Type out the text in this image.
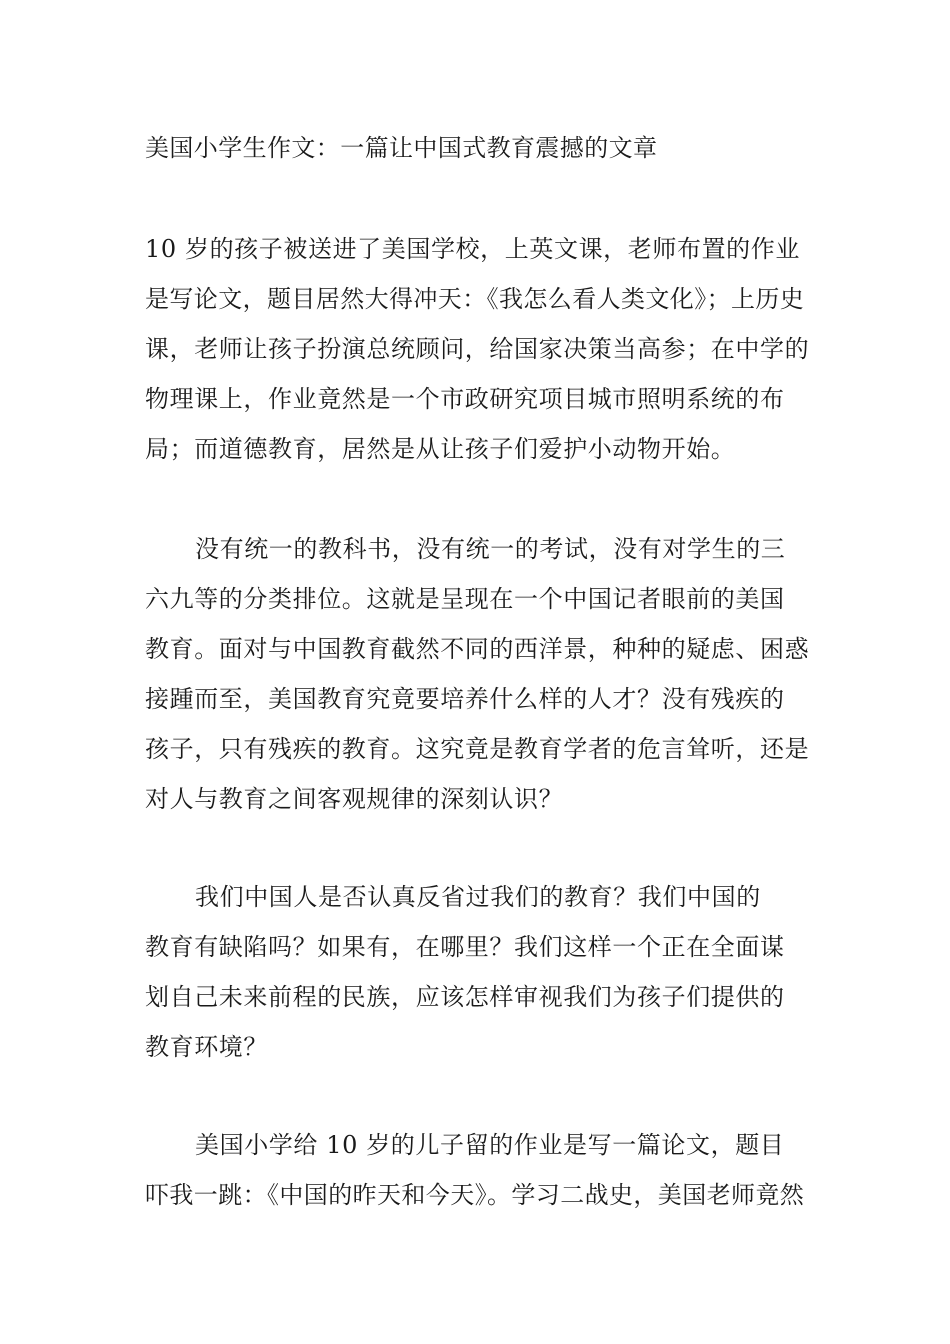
美国小学生作文：一篇让中国式教育震撼的文章
10 岁的孩子被送进了美国学校，上英文课，老师布置的作业
是写论文，题目居然大得冲天：《我怎么看人类文化》；上历史
课，老师让孩子扮演总统顾问，给国家决策当高参；在中学的
物理课上，作业竟然是一个市政研究项目城市照明系统的布
局；而道德教育，居然是从让孩子们爱护小动物开始。
没有统一的教科书，没有统一的考试，没有对学生的三
六九等的分类排位。这就是呈现在一个中国记者眼前的美国
教育。面对与中国教育截然不同的西洋景，种种的疑虑、困惑
接踵而至，美国教育究竟要培养什么样的人才？没有残疾的
孩子，只有残疾的教育。这究竟是教育学者的危言耸听，还是
对人与教育之间客观规律的深刻认识？
我们中国人是否认真反省过我们的教育？我们中国的
教育有缺陷吗？如果有，在哪里？我们这样一个正在全面谋
划自己未来前程的民族，应该怎样审视我们为孩子们提供的
教育环境？
美国小学给 10 岁的儿子留的作业是写一篇论文，题目
吓我一跳：《中国的昨天和今天》。学习二战史，美国老师竟然
